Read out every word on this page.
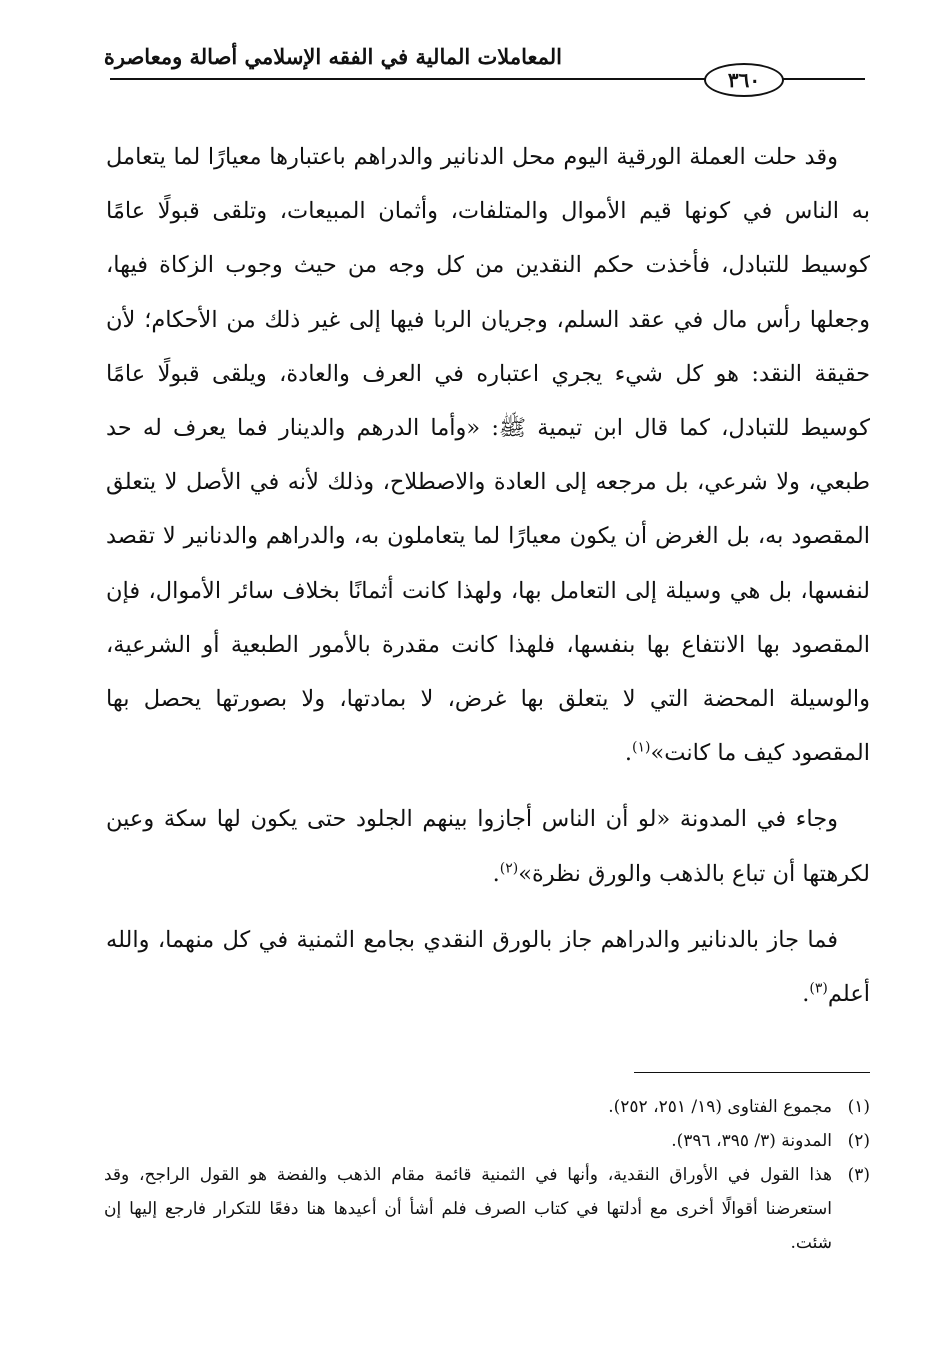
المعاملات المالية في الفقه الإسلامي أصالة ومعاصرة
٣٦٠

وقد حلت العملة الورقية اليوم محل الدنانير والدراهم باعتبارها معيارًا لما يتعامل به الناس في كونها قيم الأموال والمتلفات، وأثمان المبيعات، وتلقى قبولًا عامًا كوسيط للتبادل، فأخذت حكم النقدين من كل وجه من حيث وجوب الزكاة فيها، وجعلها رأس مال في عقد السلم، وجريان الربا فيها إلى غير ذلك من الأحكام؛ لأن حقيقة النقد: هو كل شيء يجري اعتباره في العرف والعادة، ويلقى قبولًا عامًا كوسيط للتبادل، كما قال ابن تيمية ﷺ: «وأما الدرهم والدينار فما يعرف له حد طبعي، ولا شرعي، بل مرجعه إلى العادة والاصطلاح، وذلك لأنه في الأصل لا يتعلق المقصود به، بل الغرض أن يكون معيارًا لما يتعاملون به، والدراهم والدنانير لا تقصد لنفسها، بل هي وسيلة إلى التعامل بها، ولهذا كانت أثمانًا بخلاف سائر الأموال، فإن المقصود بها الانتفاع بها بنفسها، فلهذا كانت مقدرة بالأمور الطبعية أو الشرعية، والوسيلة المحضة التي لا يتعلق بها غرض، لا بمادتها، ولا بصورتها يحصل بها المقصود كيف ما كانت»$^{(١)}$.

وجاء في المدونة «لو أن الناس أجازوا بينهم الجلود حتى يكون لها سكة وعين لكرهتها أن تباع بالذهب والورق نظرة»$^{(٢)}$.

فما جاز بالدنانير والدراهم جاز بالورق النقدي بجامع الثمنية في كل منهما، والله أعلم$^{(٣)}$.

(١)
مجموع الفتاوى (١٩/ ٢٥١، ٢٥٢).
(٢)
المدونة (٣/ ٣٩٥، ٣٩٦).
(٣)
هذا القول في الأوراق النقدية، وأنها في الثمنية قائمة مقام الذهب والفضة هو القول الراجح، وقد استعرضنا أقوالًا أخرى مع أدلتها في كتاب الصرف فلم أشأ أن أعيدها هنا دفعًا للتكرار فارجع إليها إن شئت.
